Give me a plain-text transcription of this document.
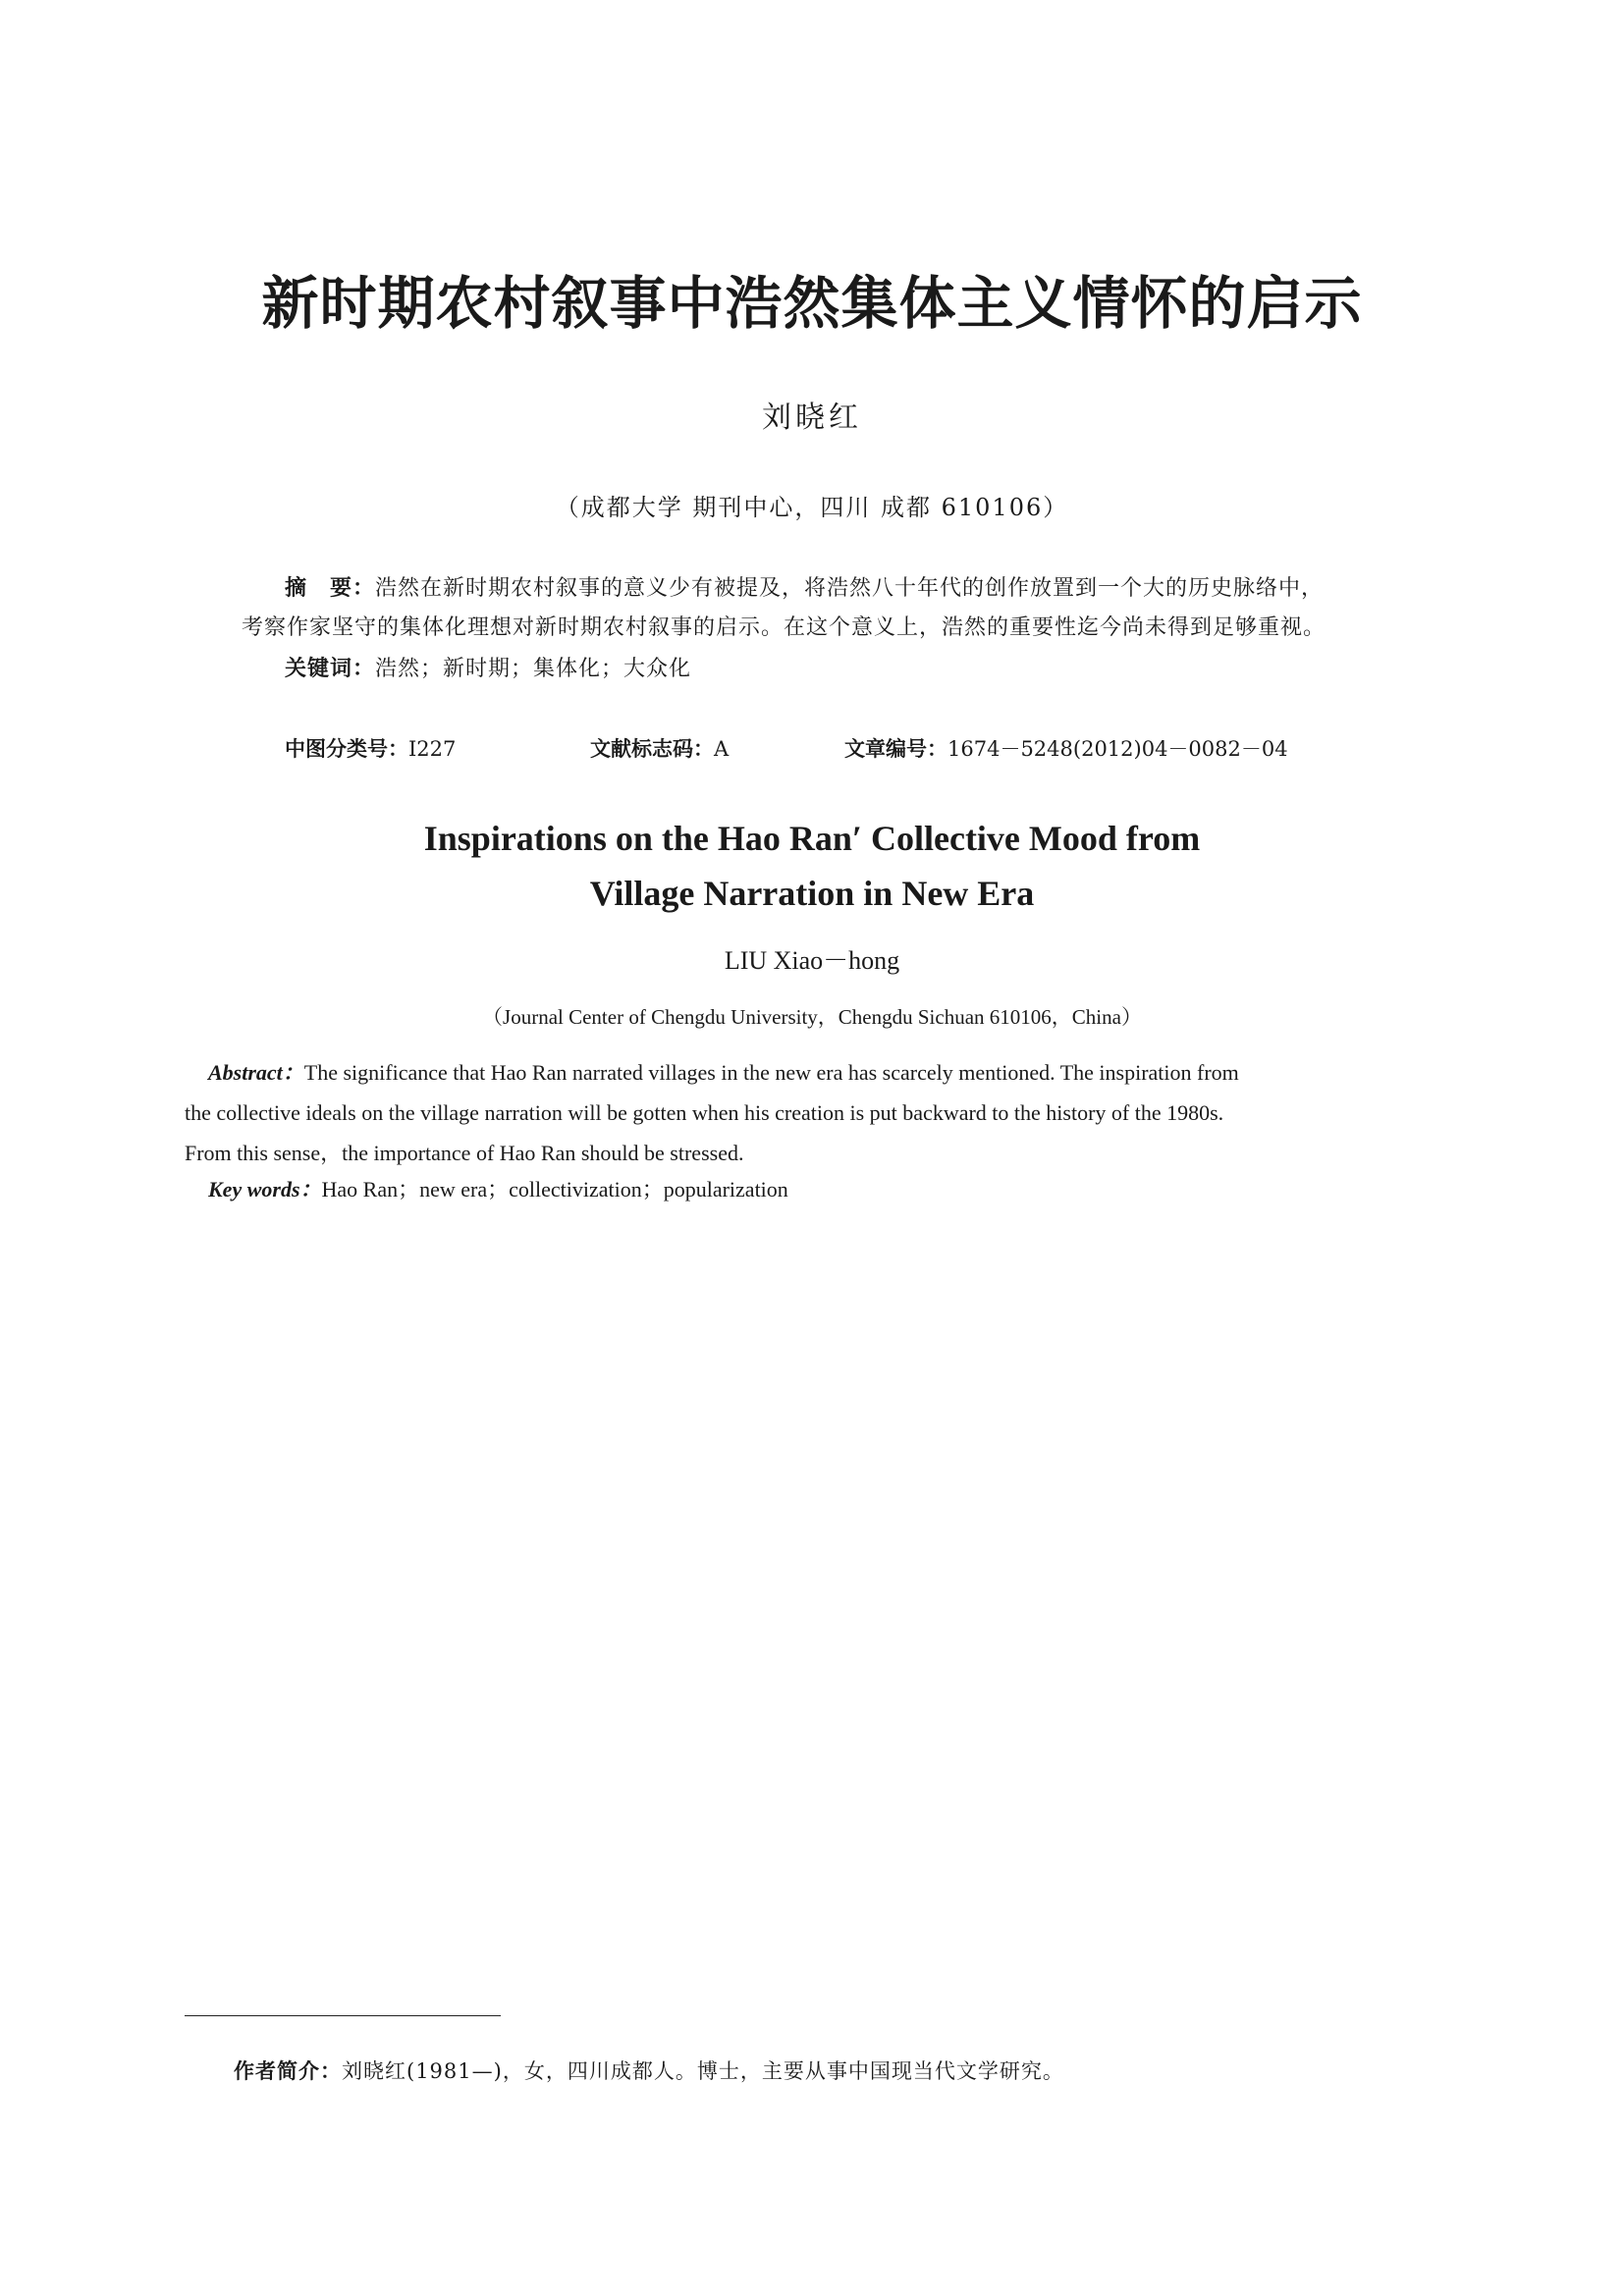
新时期农村叙事中浩然集体主义情怀的启示
刘晓红
（成都大学 期刊中心，四川 成都 610106）
摘　要：浩然在新时期农村叙事的意义少有被提及，将浩然八十年代的创作放置到一个大的历史脉络中，
考察作家坚守的集体化理想对新时期农村叙事的启示。在这个意义上，浩然的重要性迄今尚未得到足够重视。
关键词：浩然；新时期；集体化；大众化
中图分类号：I227	文献标志码：A	文章编号：1674－5248(2012)04－0082－04
Inspirations on the Hao Ran′ Collective Mood from
Village Narration in New Era
LIU Xiao－hong
（Journal Center of Chengdu University，Chengdu Sichuan 610106，China）
Abstract：The significance that Hao Ran narrated villages in the new era has scarcely mentioned. The inspiration from
the collective ideals on the village narration will be gotten when his creation is put backward to the history of the 1980s.
From this sense，the importance of Hao Ran should be stressed.
Key words：Hao Ran；new era；collectivization；popularization
作者简介：刘晓红(1981—)，女，四川成都人。博士，主要从事中国现当代文学研究。
